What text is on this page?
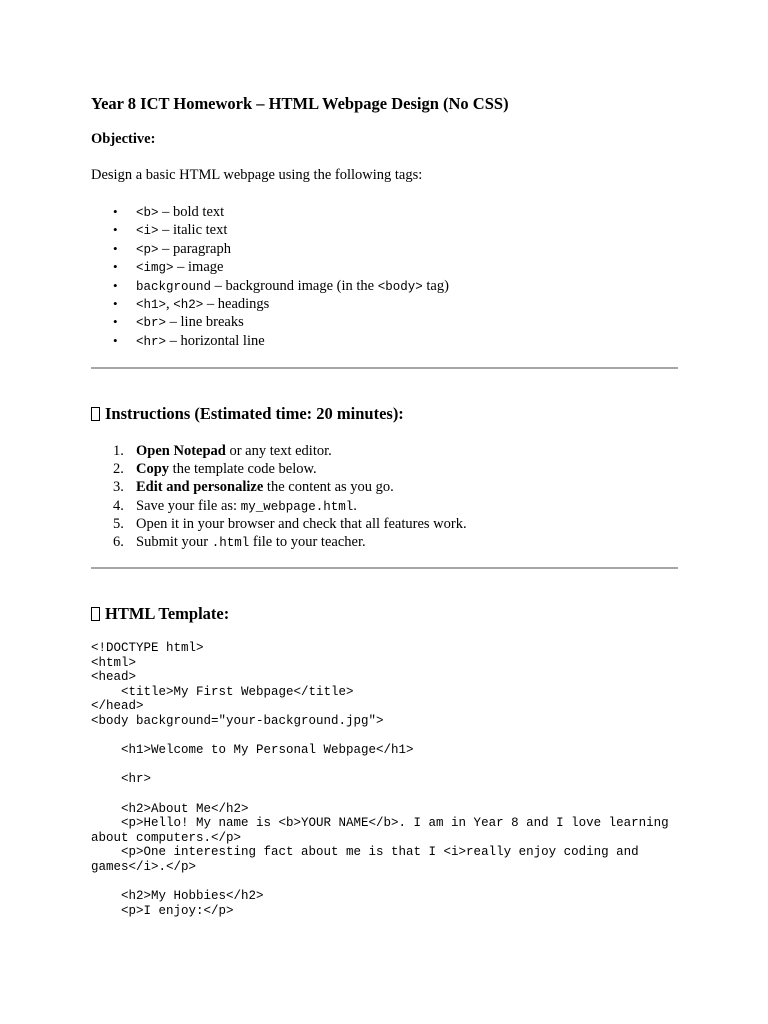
Year 8 ICT Homework – HTML Webpage Design (No CSS)

Objective:

Design a basic HTML webpage using the following tags:

• <b> – bold text
• <i> – italic text
• <p> – paragraph
• <img> – image
• background – background image (in the <body> tag)
• <h1>, <h2> – headings
• <br> – line breaks
• <hr> – horizontal line

Instructions (Estimated time: 20 minutes):

1. Open Notepad or any text editor.
2. Copy the template code below.
3. Edit and personalize the content as you go.
4. Save your file as: my_webpage.html.
5. Open it in your browser and check that all features work.
6. Submit your .html file to your teacher.

HTML Template:

<!DOCTYPE html>
<html>
<head>
<title>My First Webpage</title>
</head>
<body background="your-background.jpg">

<h1>Welcome to My Personal Webpage</h1>

<hr>

<h2>About Me</h2>
<p>Hello! My name is <b>YOUR NAME</b>. I am in Year 8 and I love learning
about computers.</p>
<p>One interesting fact about me is that I <i>really enjoy coding and
games</i>.</p>

<h2>My Hobbies</h2>
<p>I enjoy:</p>
